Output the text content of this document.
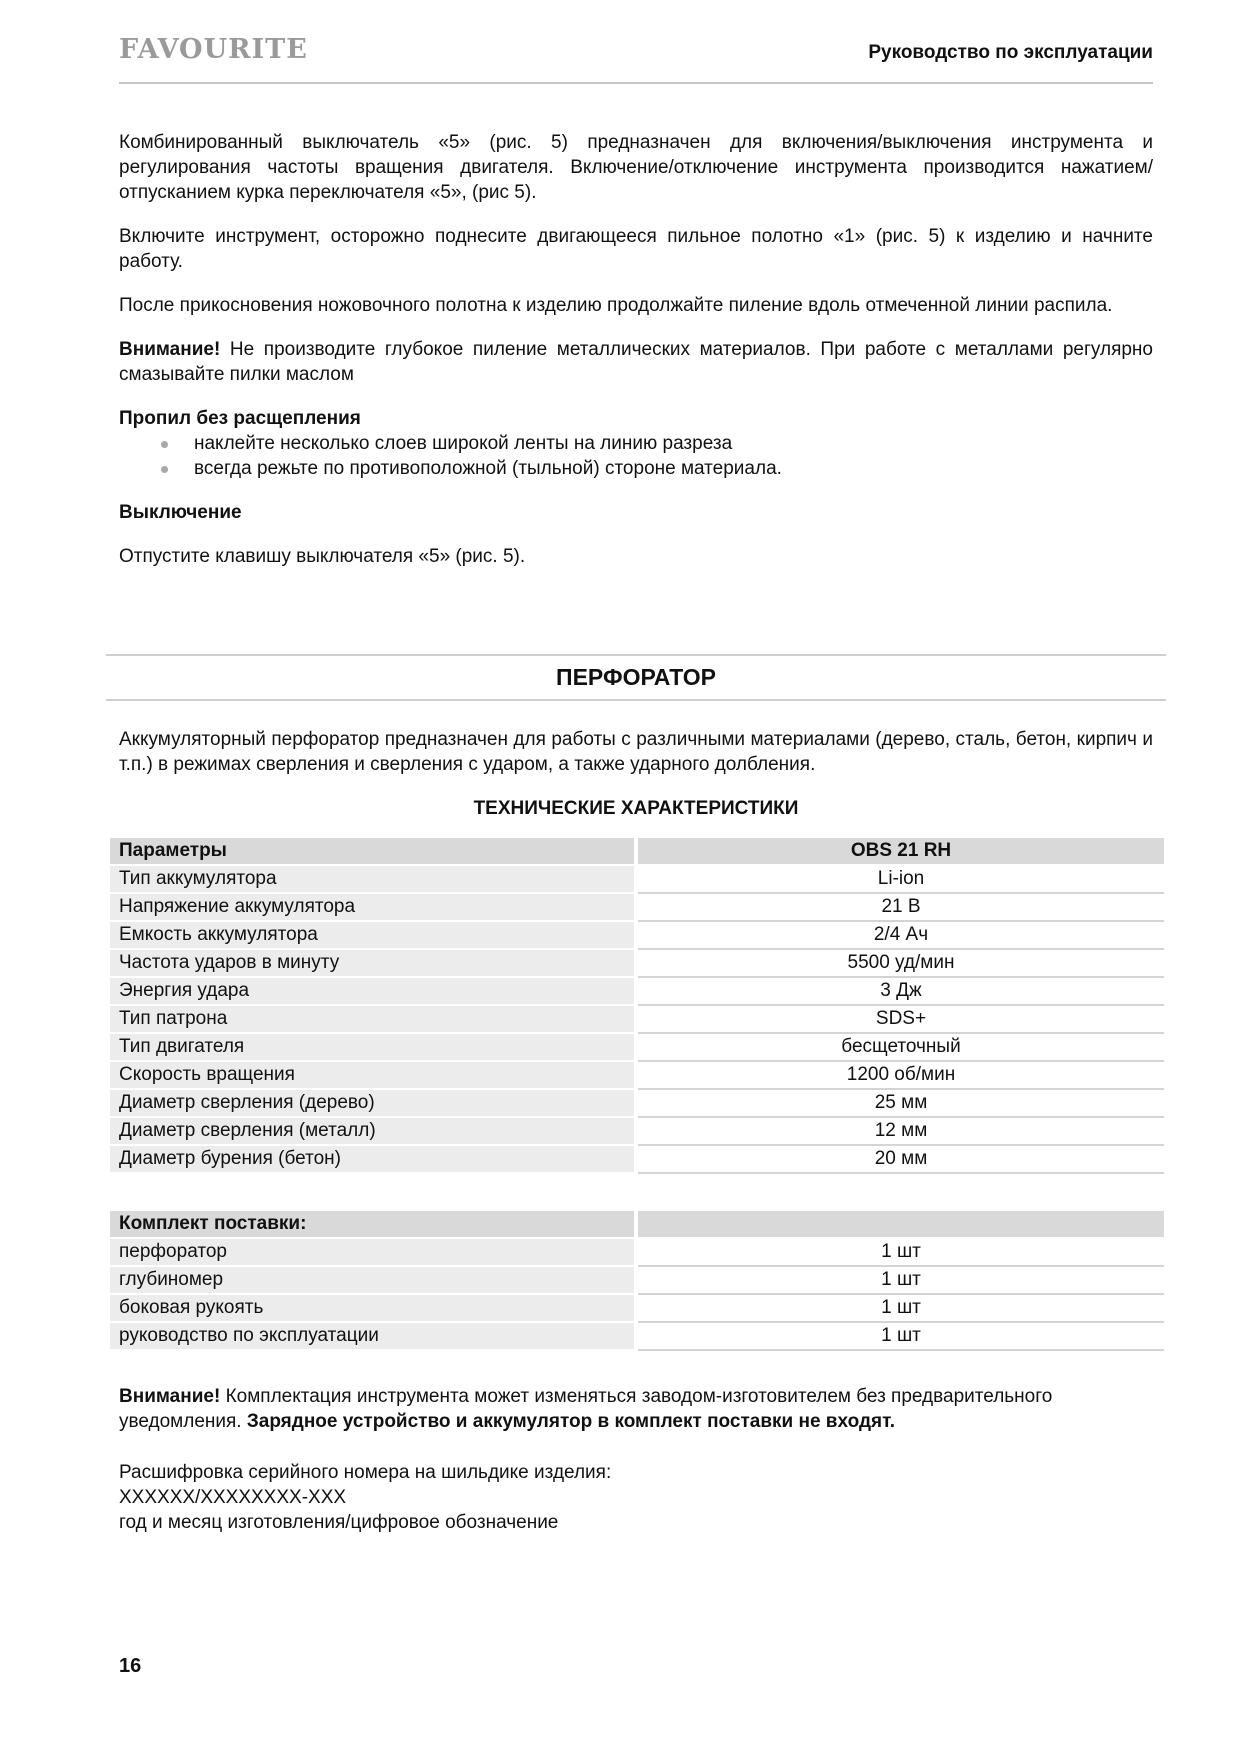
FAVOURITE	Руководство по эксплуатации

Комбинированный выключатель «5» (рис. 5) предназначен для включения/выключения инструмента и регулирования частоты вращения двигателя. Включение/отключение инструмента производится нажатием/отпусканием курка переключателя «5», (рис 5).

Включите инструмент, осторожно поднесите двигающееся пильное полотно «1» (рис. 5) к изделию и начните работу.

После прикосновения ножовочного полотна к изделию продолжайте пиление вдоль отмеченной линии распила.

Внимание! Не производите глубокое пиление металлических материалов. При работе с металлами регулярно смазывайте пилки маслом

Пропил без расщепления

наклейте несколько слоев широкой ленты на линию разреза
всегда режьте по противоположной (тыльной) стороне материала.

Выключение

Отпустите клавишу выключателя «5» (рис. 5).

ПЕРФОРАТОР

Аккумуляторный перфоратор предназначен для работы с различными материалами (дерево, сталь, бетон, кирпич и т.п.) в режимах сверления и сверления с ударом, а также ударного долбления.

ТЕХНИЧЕСКИЕ ХАРАКТЕРИСТИКИ
Параметры	OBS 21 RH
Тип аккумулятора	Li-ion
Напряжение аккумулятора	21 В
Емкость аккумулятора	2/4 Ач
Частота ударов в минуту	5500 уд/мин
Энергия удара	3 Дж
Тип патрона	SDS+
Тип двигателя	бесщеточный
Скорость вращения	1200 об/мин
Диаметр сверления (дерево)	25 мм
Диаметр сверления (металл)	12 мм
Диаметр бурения (бетон)	20 мм
Комплект поставки:	
перфоратор	1 шт
глубиномер	1 шт
боковая рукоять	1 шт
руководство по эксплуатации	1 шт

Внимание! Комплектация инструмента может изменяться заводом-изготовителем без предварительного уведомления. Зарядное устройство и аккумулятор в комплект поставки не входят.

Расшифровка серийного номера на шильдике изделия:
XXXXXX/XXXXXXXX-XXX
год и месяц изготовления/цифровое обозначение
16
